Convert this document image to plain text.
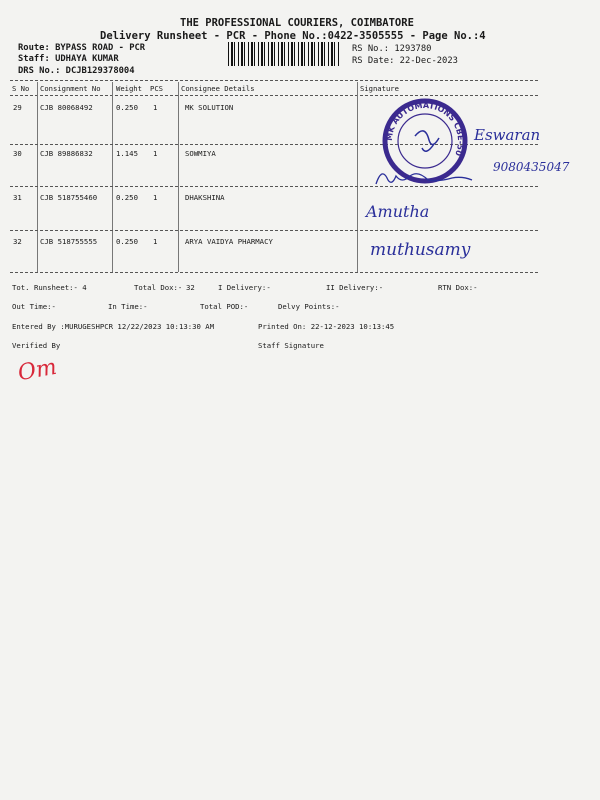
THE PROFESSIONAL COURIERS, COIMBATORE
Delivery Runsheet - PCR - Phone No.:0422-3505555 - Page No.:4
Route: BYPASS ROAD - PCR
Staff: UDHAYA KUMAR
DRS No.: DCJB129378004
RS No.: 1293780
RS Date: 22-Dec-2023
S No Consignment No Weight PCS	Consignee Details	Signature
29 CJB 80068492	0.250 1	MK SOLUTION
30 CJB 89886832	1.145 1	SOWMIYA
31 CJB 518755460	0.250 1	DHAKSHINA
32 CJB 518755555	0.250 1	ARYA VAIDYA PHARMACY
MK AUTOMATIONS CBE-50
Eswaran
9080435047
Amutha
muthusamy
Tot. Runsheet:- 4	Total Dox:- 32	I Delivery:-	II Delivery:-	RTN Dox:-
Out Time:-	In Time:-	Total POD:-	Delvy Points:-
Entered By :MURUGESHPCR 12/22/2023 10:13:30 AM	Printed On: 22-12-2023 10:13:45
Verified By	Staff Signature
Om
